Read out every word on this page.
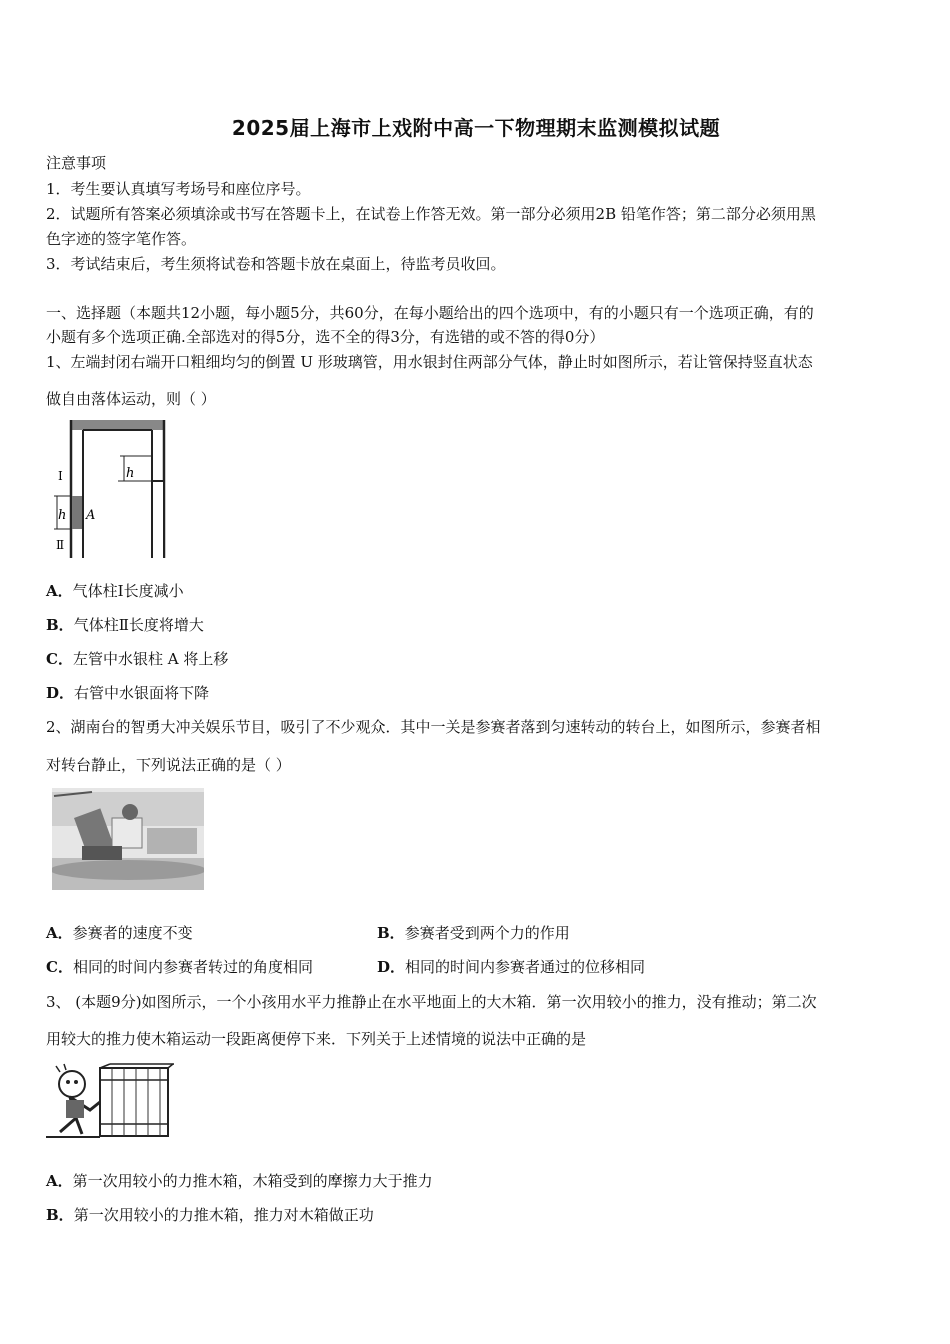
2025届上海市上戏附中高一下物理期末监测模拟试题
注意事项
1．考生要认真填写考场号和座位序号。
2．试题所有答案必须填涂或书写在答题卡上，在试卷上作答无效。第一部分必须用2B 铅笔作答；第二部分必须用黑
色字迹的签字笔作答。
3．考试结束后，考生须将试卷和答题卡放在桌面上，待监考员收回。
一、选择题（本题共12小题，每小题5分，共60分，在每小题给出的四个选项中，有的小题只有一个选项正确，有的
小题有多个选项正确.全部选对的得5分，选不全的得3分，有选错的或不答的得0分）
1、左端封闭右端开口粗细均匀的倒置 U 形玻璃管，用水银封住两部分气体，静止时如图所示，若让管保持竖直状态
做自由落体运动，则（ ）
h
h
Ⅰ
Ⅱ
A
A．气体柱Ⅰ长度减小
B．气体柱Ⅱ长度将增大
C．左管中水银柱 A 将上移
D．右管中水银面将下降
2、湖南台的智勇大冲关娱乐节目，吸引了不少观众．其中一关是参赛者落到匀速转动的转台上，如图所示，参赛者相
对转台静止，下列说法正确的是（ ）
A．参赛者的速度不变	B．参赛者受到两个力的作用
C．相同的时间内参赛者转过的角度相同	D．相同的时间内参赛者通过的位移相同
3、 (本题9分)如图所示，一个小孩用水平力推静止在水平地面上的大木箱．第一次用较小的推力，没有推动；第二次
用较大的推力使木箱运动一段距离便停下来．下列关于上述情境的说法中正确的是
A．第一次用较小的力推木箱，木箱受到的摩擦力大于推力
B．第一次用较小的力推木箱，推力对木箱做正功
